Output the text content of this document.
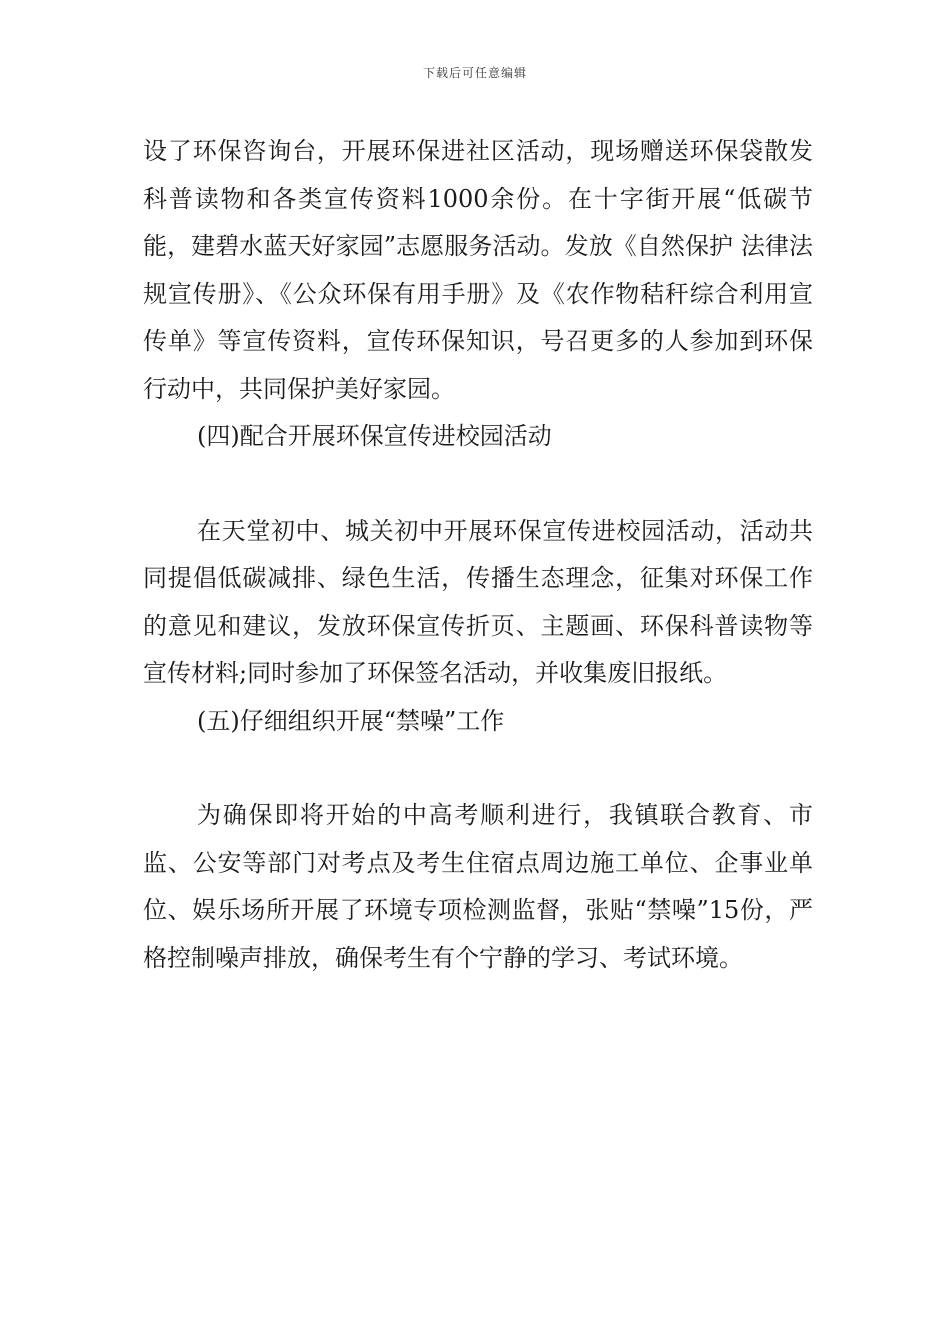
下载后可任意编辑

设了环保咨询台，开展环保进社区活动，现场赠送环保袋散发科普读物和各类宣传资料1000余份。在十字街开展“低碳节能，建碧水蓝天好家园”志愿服务活动。发放《自然保护 法律法规宣传册》、《公众环保有用手册》及《农作物秸秆综合利用宣传单》等宣传资料，宣传环保知识，号召更多的人参加到环保行动中，共同保护美好家园。

(四)配合开展环保宣传进校园活动

在天堂初中、城关初中开展环保宣传进校园活动，活动共同提倡低碳减排、绿色生活，传播生态理念，征集对环保工作的意见和建议，发放环保宣传折页、主题画、环保科普读物等宣传材料;同时参加了环保签名活动，并收集废旧报纸。

(五)仔细组织开展“禁噪”工作

为确保即将开始的中高考顺利进行，我镇联合教育、市监、公安等部门对考点及考生住宿点周边施工单位、企事业单位、娱乐场所开展了环境专项检测监督，张贴“禁噪”15份，严格控制噪声排放，确保考生有个宁静的学习、考试环境。
